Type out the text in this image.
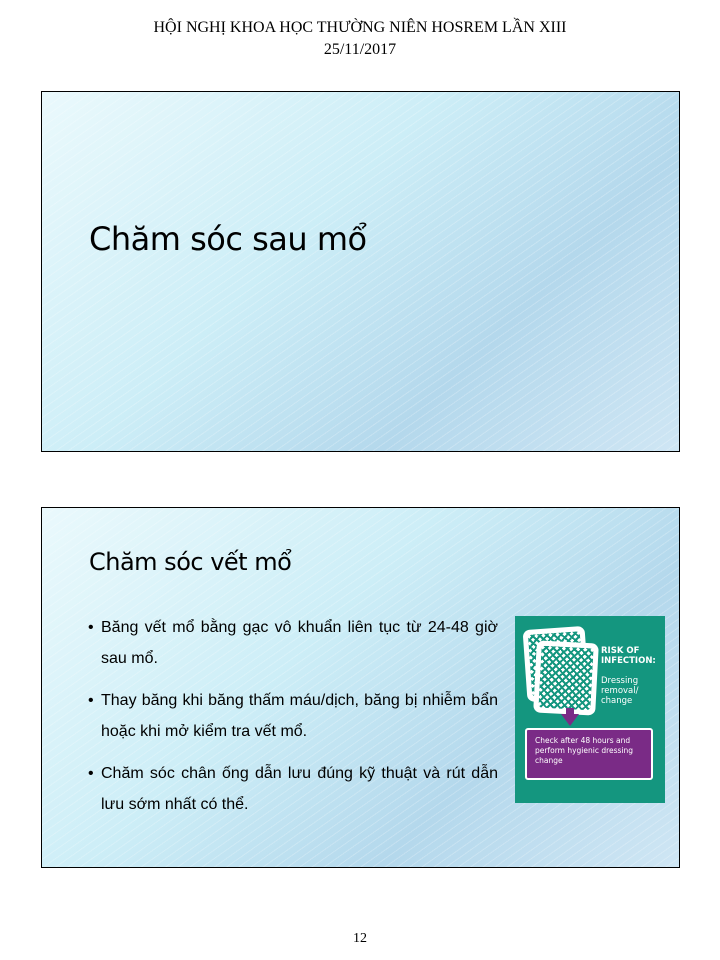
HỘI NGHỊ KHOA HỌC THƯỜNG NIÊN HOSREM LẦN XIII
25/11/2017
Chăm sóc sau mổ
Chăm sóc vết mổ
• Băng vết mổ bằng gạc vô khuẩn liên tục từ 24-48 giờ sau mổ.
• Thay băng khi băng thấm máu/dịch, băng bị nhiễm bẩn hoặc khi mở kiểm tra vết mổ.
• Chăm sóc chân ống dẫn lưu đúng kỹ thuật và rút dẫn lưu sớm nhất có thể.
RISK OF
INFECTION:
Dressing
removal/
change
Check after 48 hours and perform hygienic dressing change
12
